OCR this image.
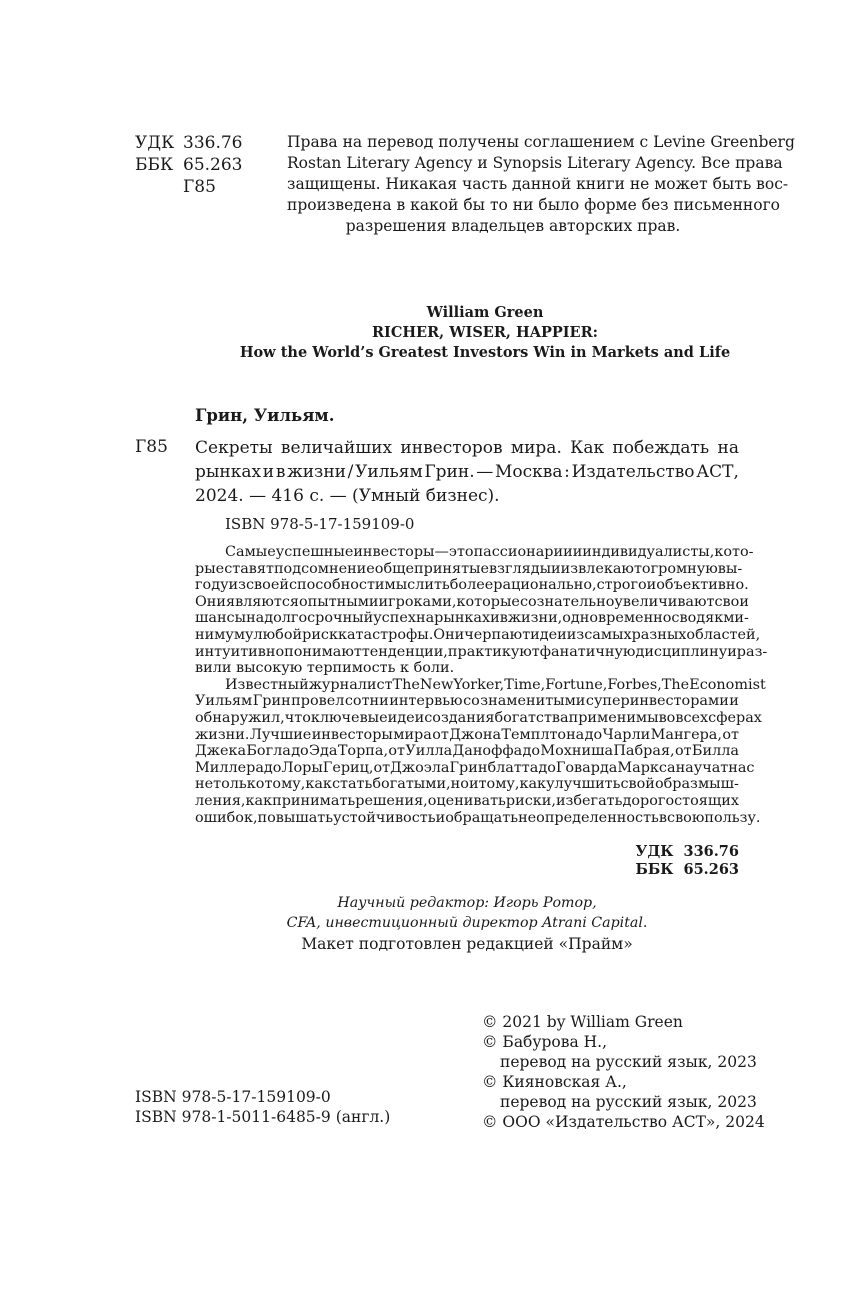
УДК 336.76
ББК 65.263
Г85
Права на перевод получены соглашением с Levine Greenberg
Rostan Literary Agency и Synopsis Literary Agency. Все права
защищены. Никакая часть данной книги не может быть вос-
произведена в какой бы то ни было форме без письменного
разрешения владельцев авторских прав.
William Green
RICHER, WISER, HAPPIER:
How the World’s Greatest Investors Win in Markets and Life
Грин, Уильям.
Г85 Секреты величайших инвесторов мира. Как побеждать на
рынках и в жизни / Уильям Грин. — Москва : Издательство АСТ,
2024. — 416 с. — (Умный бизнес).
ISBN 978-5-17-159109-0
Самые успешные инвесторы — это пассионарии и индивидуалисты, кото-
рые ставят под сомнение общепринятые взгляды и извлекают огромную вы-
году из своей способности мыслить более рационально, строго и объективно.
Они являются опытными игроками, которые сознательно увеличивают свои
шансы на долгосрочный успех на рынках и в жизни, одновременно сводя к ми-
нимуму любой риск катастрофы. Они черпают идеи из самых разных областей,
интуитивно понимают тенденции, практикуют фанатичную дисциплину и раз-
вили высокую терпимость к боли.
Известный журналист The New Yorker, Time, Fortune, Forbes, The Economist
Уильям Грин провел сотни интервью со знаменитыми суперинвесторами и
обнаружил, что ключевые идеи создания богатства применимы во всех сферах
жизни. Лучшие инвесторы мира от Джона Темплтона до Чарли Мангера, от
Джека Богла до Эда Торпа, от Уилла Даноффа до Мохниша Пабрая, от Билла
Миллера до Лоры Гериц, от Джоэла Гринблатта до Говарда Маркса научат нас
не только тому, как стать богатыми, но и тому, как улучшить свой образ мыш-
ления, как принимать решения, оценивать риски, избегать дорогостоящих
ошибок, повышать устойчивость и обращать неопределенность в свою пользу.
УДК  336.76
ББК  65.263
Научный редактор: Игорь Ротор,
CFA, инвестиционный директор Atrani Capital.
Макет подготовлен редакцией «Прайм»
© 2021 by William Green
© Бабурова Н.,
перевод на русский язык, 2023
© Кияновская А.,
перевод на русский язык, 2023
© ООО «Издательство АСТ», 2024
ISBN 978-5-17-159109-0
ISBN 978-1-5011-6485-9 (англ.)
